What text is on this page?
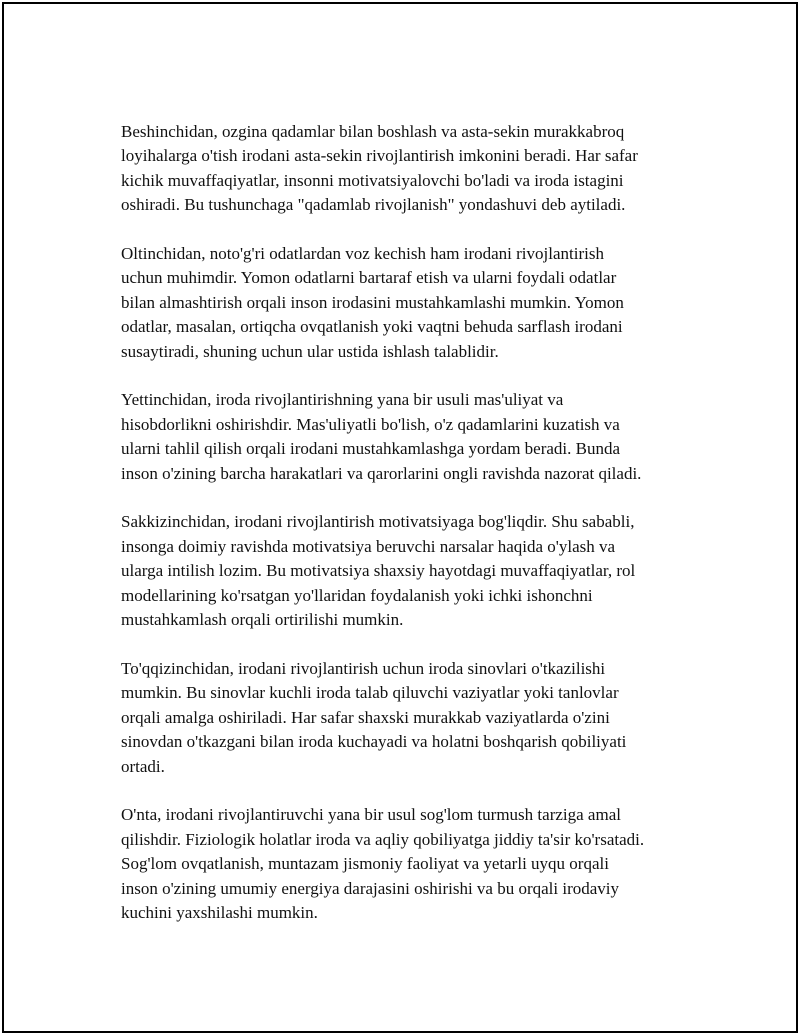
Beshinchidan, ozgina qadamlar bilan boshlash va asta-sekin murakkabroq
loyihalarga o'tish irodani asta-sekin rivojlantirish imkonini beradi. Har safar
kichik muvaffaqiyatlar, insonni motivatsiyalovchi bo'ladi va iroda istagini
oshiradi. Bu tushunchaga "qadamlab rivojlanish" yondashuvi deb aytiladi.

Oltinchidan, noto'g'ri odatlardan voz kechish ham irodani rivojlantirish
uchun muhimdir. Yomon odatlarni bartaraf etish va ularni foydali odatlar
bilan almashtirish orqali inson irodasini mustahkamlashi mumkin. Yomon
odatlar, masalan, ortiqcha ovqatlanish yoki vaqtni behuda sarflash irodani
susaytiradi, shuning uchun ular ustida ishlash talablidir.

Yettinchidan, iroda rivojlantirishning yana bir usuli mas'uliyat va
hisobdorlikni oshirishdir. Mas'uliyatli bo'lish, o'z qadamlarini kuzatish va
ularni tahlil qilish orqali irodani mustahkamlashga yordam beradi. Bunda
inson o'zining barcha harakatlari va qarorlarini ongli ravishda nazorat qiladi.

Sakkizinchidan, irodani rivojlantirish motivatsiyaga bog'liqdir. Shu sababli,
insonga doimiy ravishda motivatsiya beruvchi narsalar haqida o'ylash va
ularga intilish lozim. Bu motivatsiya shaxsiy hayotdagi muvaffaqiyatlar, rol
modellarining ko'rsatgan yo'llaridan foydalanish yoki ichki ishonchni
mustahkamlash orqali ortirilishi mumkin.

To'qqizinchidan, irodani rivojlantirish uchun iroda sinovlari o'tkazilishi
mumkin. Bu sinovlar kuchli iroda talab qiluvchi vaziyatlar yoki tanlovlar
orqali amalga oshiriladi. Har safar shaxski murakkab vaziyatlarda o'zini
sinovdan o'tkazgani bilan iroda kuchayadi va holatni boshqarish qobiliyati
ortadi.

O'nta, irodani rivojlantiruvchi yana bir usul sog'lom turmush tarziga amal
qilishdir. Fiziologik holatlar iroda va aqliy qobiliyatga jiddiy ta'sir ko'rsatadi.
Sog'lom ovqatlanish, muntazam jismoniy faoliyat va yetarli uyqu orqali
inson o'zining umumiy energiya darajasini oshirishi va bu orqali irodaviy
kuchini yaxshilashi mumkin.
